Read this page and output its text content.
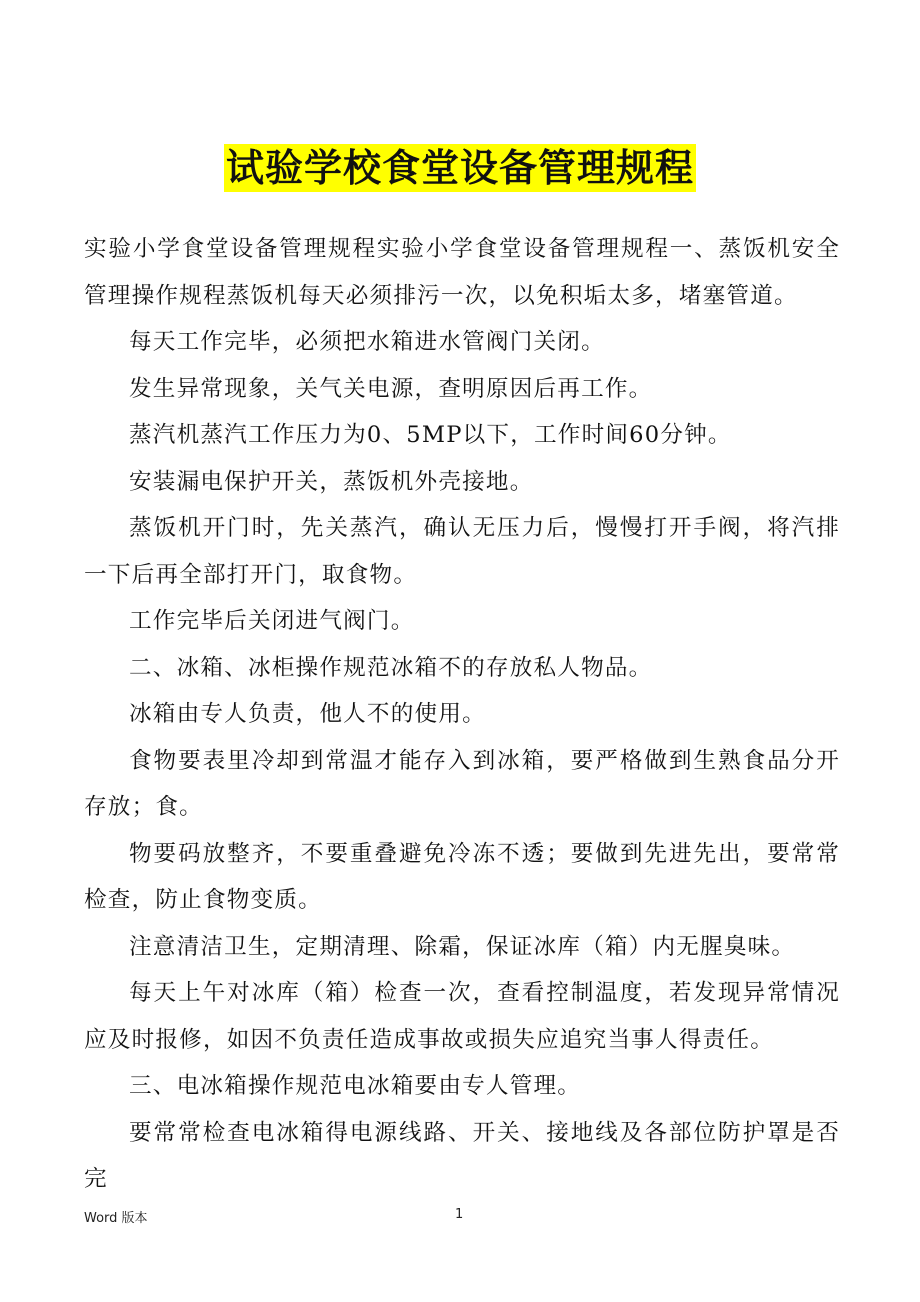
试验学校食堂设备管理规程

实验小学食堂设备管理规程实验小学食堂设备管理规程一、蒸饭机安全管理操作规程蒸饭机每天必须排污一次，以免积垢太多，堵塞管道。

每天工作完毕，必须把水箱进水管阀门关闭。

发生异常现象，关气关电源，查明原因后再工作。

蒸汽机蒸汽工作压力为0、5MP以下，工作时间60分钟。

安装漏电保护开关，蒸饭机外壳接地。

蒸饭机开门时，先关蒸汽，确认无压力后，慢慢打开手阀，将汽排一下后再全部打开门，取食物。

工作完毕后关闭进气阀门。

二、冰箱、冰柜操作规范冰箱不的存放私人物品。

冰箱由专人负责，他人不的使用。

食物要表里冷却到常温才能存入到冰箱，要严格做到生熟食品分开存放；食。

物要码放整齐，不要重叠避免冷冻不透；要做到先进先出，要常常检查，防止食物变质。

注意清洁卫生，定期清理、除霜，保证冰库（箱）内无腥臭味。

每天上午对冰库（箱）检查一次，查看控制温度，若发现异常情况应及时报修，如因不负责任造成事故或损失应追究当事人得责任。

三、电冰箱操作规范电冰箱要由专人管理。

要常常检查电冰箱得电源线路、开关、接地线及各部位防护罩是否完

Word 版本	1
